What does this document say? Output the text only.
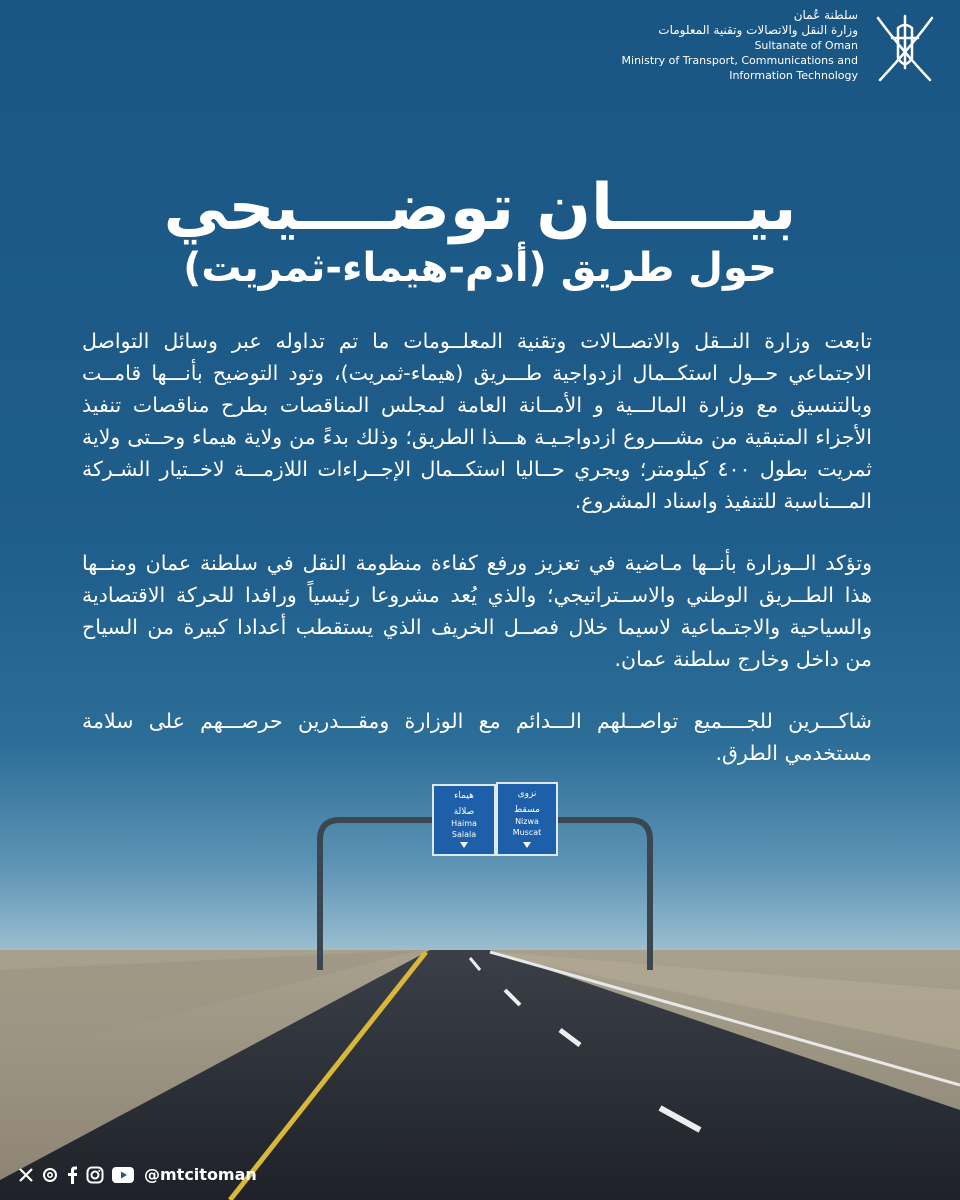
هيماء
صلالة
Haima
Salala
نزوى
مسقط
Nizwa
Muscat
سلطنة عُمان
وزارة النقل والاتصالات وتقنية المعلومات
Sultanate of Oman
Ministry of Transport, Communications and
Information Technology
بيــــــان توضــــيحي
حول طريق (أدم-هيماء-ثمريت)

تابعت وزارة النــقل والاتصــالات وتقنية المعلــومات ما تم تداوله عبر وسائل التواصل الاجتماعي حــول استكــمال ازدواجية طـــريق (هيماء-ثمريت)، وتود التوضيح بأنـــها قامــت وبالتنسيق مع وزارة المالـــية و الأمــانة العامة لمجلس المناقصات بطرح مناقصات تنفيذ الأجزاء المتبقية من مشـــروع ازدواجـيـة هـــذا الطريق؛ وذلك بدءً من ولاية هيماء وحــتى ولاية ثمريت بطول ٤٠٠ كيلومتر؛ ويجري حــاليا استكــمال الإجــراءات اللازمـــة لاخــتيار الشـركة المـــناسبة للتنفيذ واسناد المشروع.

وتؤكد الــوزارة بأنــها مـاضية في تعزيز ورفع كفاءة منظومة النقل في سلطنة عمان ومنــها هذا الطــريق الوطني والاســتراتيجي؛ والذي يُعد مشروعا رئيسياً ورافدا للحركة الاقتصادية والسياحية والاجتـماعية لاسيما خلال فصــل الخريف الذي يستقطب أعدادا كبيرة من السياح من داخل وخارج سلطنة عمان.

شاكـــرين للجــــميع تواصــلهم الـــدائم مع الوزارة ومقـــدرين حرصـــهم على سلامة مستخدمي الطرق.

@mtcitoman
